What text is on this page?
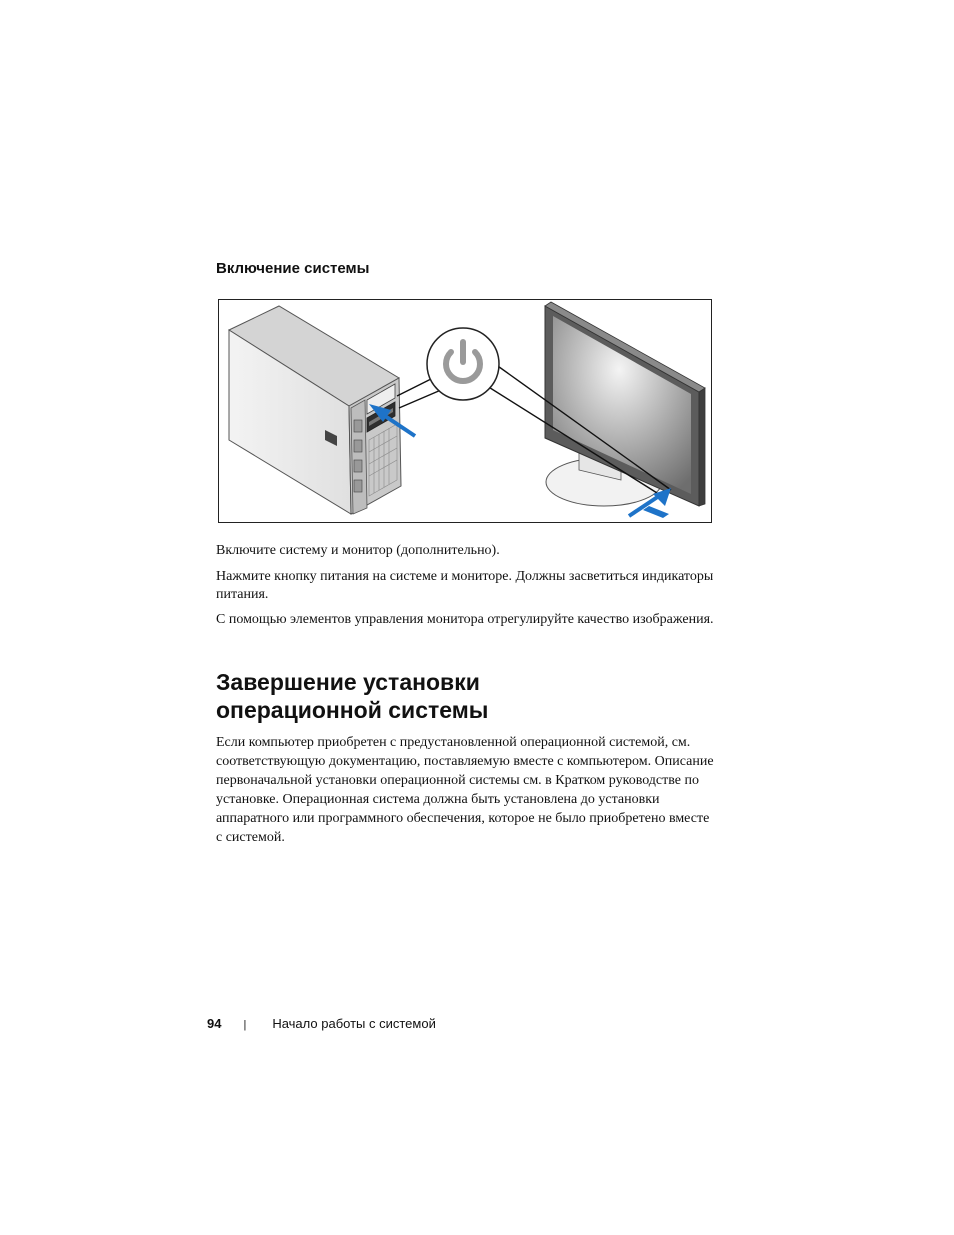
Включение системы

Включите систему и монитор (дополнительно).

Нажмите кнопку питания на системе и мониторе. Должны засветиться индикаторы питания.

С помощью элементов управления монитора отрегулируйте качество изображения.

Завершение установки
операционной системы

Если компьютер приобретен с предустановленной операционной системой, см. соответствующую документацию, поставляемую вместе с компьютером. Описание первоначальной установки операционной системы см. в Кратком руководстве по установке. Операционная система должна быть установлена до установки аппаратного или программного обеспечения, которое не было приобретено вместе с системой.

94 | Начало работы с системой
